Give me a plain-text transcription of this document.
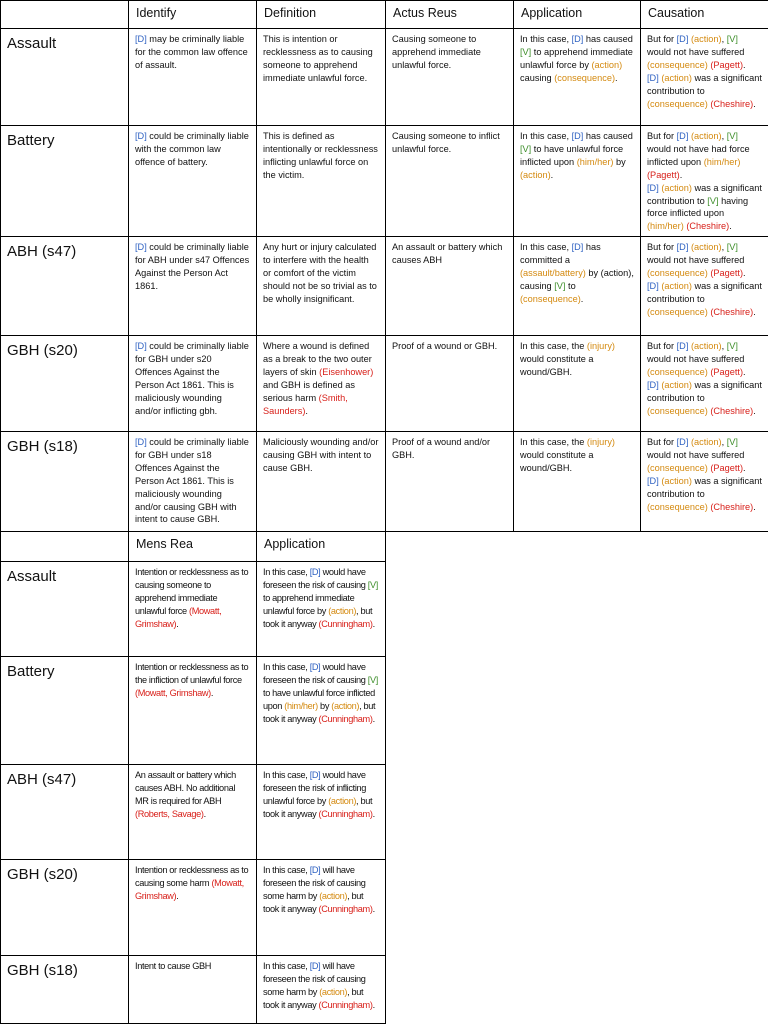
	Identify	Definition	Actus Reus	Application	Causation
Assault	[D] may be criminally liable for the common law offence of assault.	This is intention or recklessness as to causing someone to apprehend immediate unlawful force.	Causing someone to apprehend immediate unlawful force.	In this case, [D] has caused [V] to apprehend immediate unlawful force by (action) causing (consequence).	But for [D] (action), [V] would not have suffered (consequence) (Pagett).
[D] (action) was a significant contribution to (consequence) (Cheshire).
Battery	[D] could be criminally liable with the common law offence of battery.	This is defined as intentionally or recklessness inflicting unlawful force on the victim.	Causing someone to inflict unlawful force.	In this case, [D] has caused [V] to have unlawful force inflicted upon (him/her) by (action).	But for [D] (action), [V] would not have had force inflicted upon (him/her) (Pagett).
[D] (action) was a significant contribution to [V] having force inflicted upon (him/her) (Cheshire).
ABH (s47)	[D] could be criminally liable for ABH under s47 Offences Against the Person Act 1861.	Any hurt or injury calculated to interfere with the health or comfort of the victim should not be so trivial as to be wholly insignificant.	An assault or battery which causes ABH	In this case, [D] has committed a (assault/battery) by (action), causing [V] to (consequence).	But for [D] (action), [V] would not have suffered (consequence) (Pagett).
[D] (action) was a significant contribution to (consequence) (Cheshire).
GBH (s20)	[D] could be criminally liable for GBH under s20 Offences Against the Person Act 1861. This is maliciously wounding and/or inflicting gbh.	Where a wound is defined as a break to the two outer layers of skin (Eisenhower) and GBH is defined as serious harm (Smith, Saunders).	Proof of a wound or GBH.	In this case, the (injury) would constitute a wound/GBH.	But for [D] (action), [V] would not have suffered (consequence) (Pagett).
[D] (action) was a significant contribution to (consequence) (Cheshire).
GBH (s18)	[D] could be criminally liable for GBH under s18 Offences Against the Person Act 1861. This is maliciously wounding and/or causing GBH with intent to cause GBH.	Maliciously wounding and/or causing GBH with intent to cause GBH.	Proof of a wound and/or GBH.	In this case, the (injury) would constitute a wound/GBH.	But for [D] (action), [V] would not have suffered (consequence) (Pagett).
[D] (action) was a significant contribution to (consequence) (Cheshire).
	Mens Rea	Application
Assault	Intention or recklessness as to causing someone to apprehend immediate unlawful force (Mowatt, Grimshaw).	In this case, [D] would have foreseen the risk of causing [V] to apprehend immediate unlawful force by (action), but took it anyway (Cunningham).
Battery	Intention or recklessness as to the infliction of unlawful force (Mowatt, Grimshaw).	In this case, [D] would have foreseen the risk of causing [V] to have unlawful force inflicted upon (him/her) by (action), but took it anyway (Cunningham).
ABH (s47)	An assault or battery which causes ABH. No additional MR is required for ABH (Roberts, Savage).	In this case, [D] would have foreseen the risk of inflicting unlawful force by (action), but took it anyway (Cunningham).
GBH (s20)	Intention or recklessness as to causing some harm (Mowatt, Grimshaw).	In this case, [D] will have foreseen the risk of causing some harm by (action), but took it anyway (Cunningham).
GBH (s18)	Intent to cause GBH	In this case, [D] will have foreseen the risk of causing some harm by (action), but took it anyway (Cunningham).
